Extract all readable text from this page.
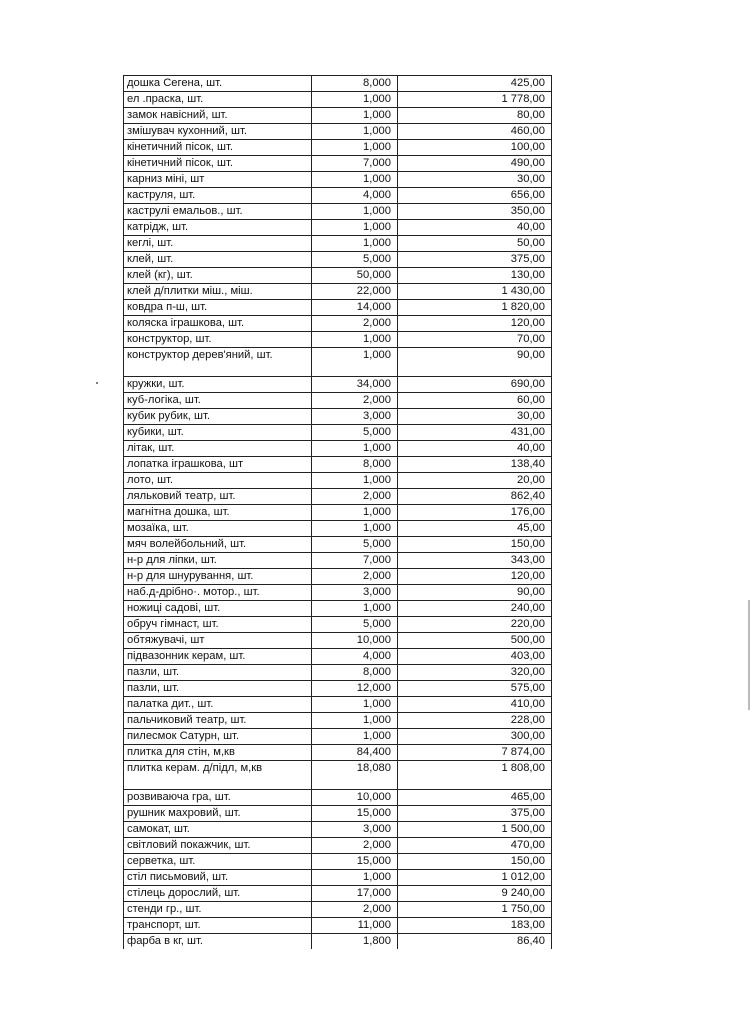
дошка Сегена, шт.	8,000	425,00
ел .праска, шт.	1,000	1 778,00
замок навісний, шт.	1,000	80,00
змішувач кухонний, шт.	1,000	460,00
кінетичний пісок, шт.	1,000	100,00
кінетичний пісок, шт.	7,000	490,00
карниз міні, шт	1,000	30,00
каструля, шт.	4,000	656,00
каструлі емальов., шт.	1,000	350,00
катрідж, шт.	1,000	40,00
кеглі, шт.	1,000	50,00
клей, шт.	5,000	375,00
клей (кг), шт.	50,000	130,00
клей д/плитки міш., міш.	22,000	1 430,00
ковдра п-ш, шт.	14,000	1 820,00
коляска іграшкова, шт.	2,000	120,00
конструктор, шт.	1,000	70,00
конструктор дерев'яний, шт.	1,000	90,00
кружки, шт.	34,000	690,00
куб-логіка, шт.	2,000	60,00
кубик рубик, шт.	3,000	30,00
кубики, шт.	5,000	431,00
літак, шт.	1,000	40,00
лопатка іграшкова, шт	8,000	138,40
лото, шт.	1,000	20,00
ляльковий театр, шт.	2,000	862,40
магнітна дошка, шт.	1,000	176,00
мозаїка, шт.	1,000	45,00
мяч волейбольний, шт.	5,000	150,00
н-р для ліпки, шт.	7,000	343,00
н-р для шнурування, шт.	2,000	120,00
наб.д-дрібно·. мотор., шт.	3,000	90,00
ножиці садові, шт.	1,000	240,00
обруч гімнаст, шт.	5,000	220,00
обтяжувачі, шт	10,000	500,00
підвазонник керам, шт.	4,000	403,00
пазли, шт.	8,000	320,00
пазли, шт.	12,000	575,00
палатка дит., шт.	1,000	410,00
пальчиковий театр, шт.	1,000	228,00
пилесмок Сатурн, шт.	1,000	300,00
плитка для стін, м,кв	84,400	7 874,00
плитка керам. д/підл, м,кв	18,080	1 808,00
розвиваюча гра, шт.	10,000	465,00
рушник махровий, шт.	15,000	375,00
самокат, шт.	3,000	1 500,00
світловий покажчик, шт.	2,000	470,00
серветка, шт.	15,000	150,00
стіл письмовий, шт.	1,000	1 012,00
стілець дорослий, шт.	17,000	9 240,00
стенди гр., шт.	2,000	1 750,00
транспорт, шт.	11,000	183,00
фарба в кг, шт.	1,800	86,40
